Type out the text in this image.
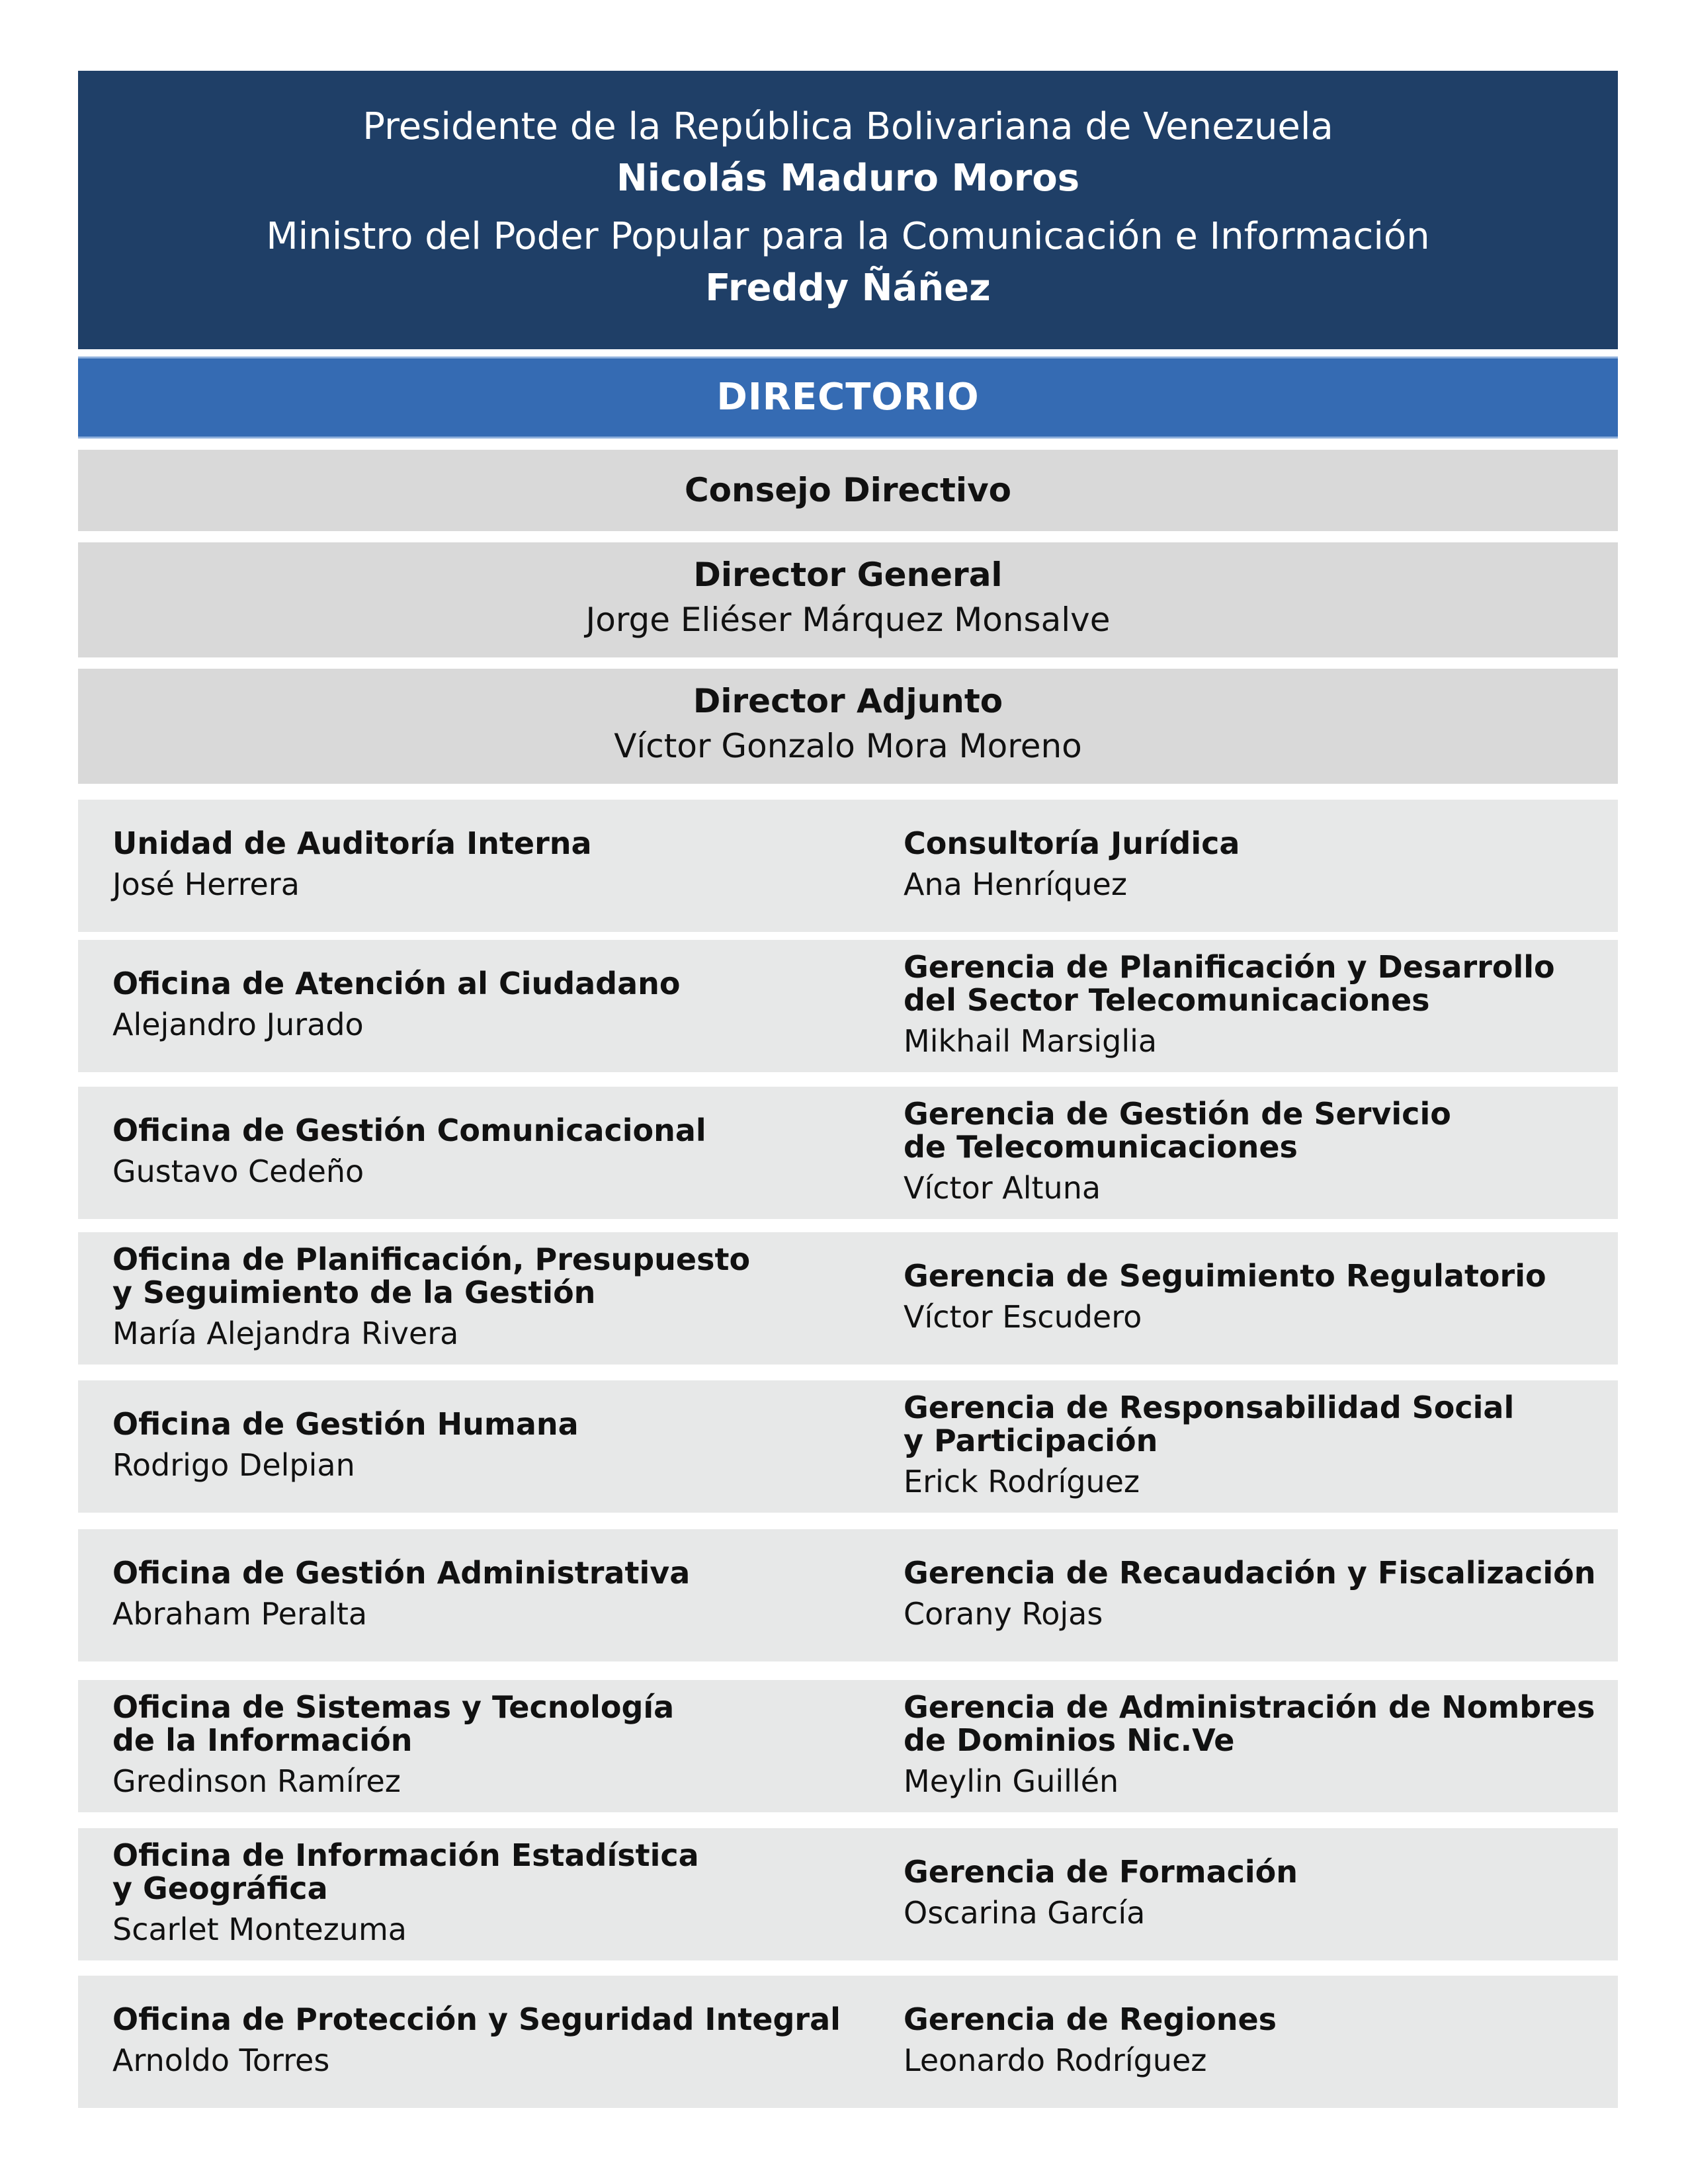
Presidente de la República Bolivariana de Venezuela
Nicolás Maduro Moros
Ministro del Poder Popular para la Comunicación e Información
Freddy Ñáñez
DIRECTORIO
Consejo Directivo
Director General
Jorge Eliéser Márquez Monsalve
Director Adjunto
Víctor Gonzalo Mora Moreno
Unidad de Auditoría Interna
José Herrera
Consultoría Jurídica
Ana Henríquez
Oficina de Atención al Ciudadano
Alejandro Jurado
Gerencia de Planificación y Desarrollo
del Sector Telecomunicaciones
Mikhail Marsiglia
Oficina de Gestión Comunicacional
Gustavo Cedeño
Gerencia de Gestión de Servicio
de Telecomunicaciones
Víctor Altuna
Oficina de Planificación, Presupuesto
y Seguimiento de la Gestión
María Alejandra Rivera
Gerencia de Seguimiento Regulatorio
Víctor Escudero
Oficina de Gestión Humana
Rodrigo Delpian
Gerencia de Responsabilidad Social
y Participación
Erick Rodríguez
Oficina de Gestión Administrativa
Abraham Peralta
Gerencia de Recaudación y Fiscalización
Corany Rojas
Oficina de Sistemas y Tecnología
de la Información
Gredinson Ramírez
Gerencia de Administración de Nombres
de Dominios Nic.Ve
Meylin Guillén
Oficina de Información Estadística
y Geográfica
Scarlet Montezuma
Gerencia de Formación
Oscarina García
Oficina de Protección y Seguridad Integral
Arnoldo Torres
Gerencia de Regiones
Leonardo Rodríguez
